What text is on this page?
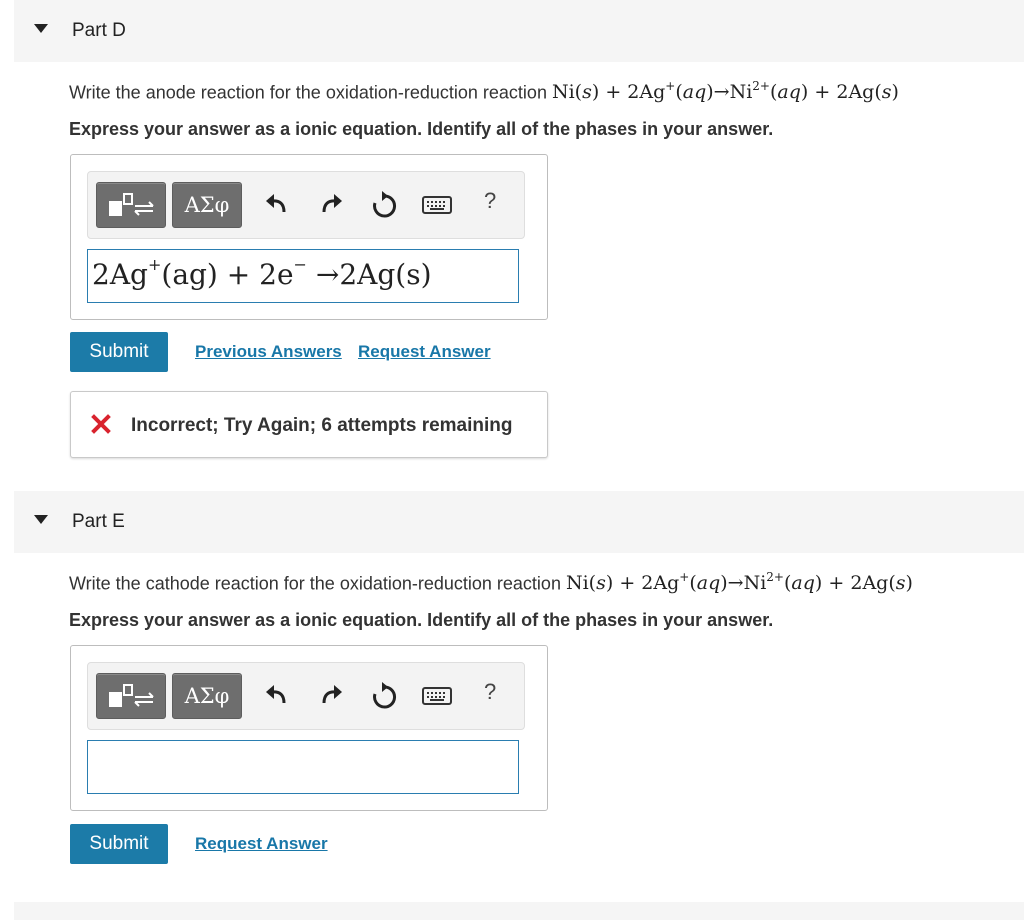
Part D
Write the anode reaction for the oxidation-reduction reaction $Ni(s) + 2Ag^+(aq)\to Ni^{2+}(aq) + 2Ag(s)$
Express your answer as a ionic equation. Identify all of the phases in your answer.
ΑΣφ	?
2Ag+(ag) + 2e− →2Ag(s)
Submit	Previous Answers Request Answer
Incorrect; Try Again; 6 attempts remaining
Part E
Write the cathode reaction for the oxidation-reduction reaction $Ni(s) + 2Ag^+(aq)\to Ni^{2+}(aq) + 2Ag(s)$
Express your answer as a ionic equation. Identify all of the phases in your answer.
ΑΣφ	?
Submit	Request Answer
